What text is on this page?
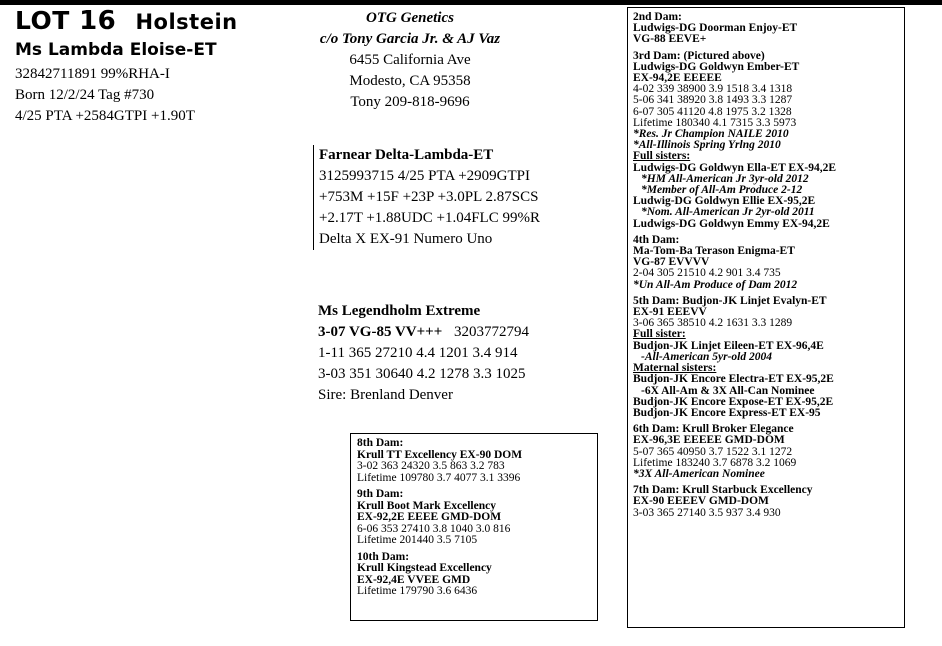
LOT 16 Holstein
Ms Lambda Eloise-ET
32842711891 99%RHA-I
Born 12/2/24 Tag #730
4/25 PTA +2584GTPI +1.90T
OTG Genetics
c/o Tony Garcia Jr. & AJ Vaz
6455 California Ave
Modesto, CA 95358
Tony 209-818-9696
Farnear Delta-Lambda-ET
3125993715 4/25 PTA +2909GTPI
+753M +15F +23P +3.0PL 2.87SCS
+2.17T +1.88UDC +1.04FLC 99%R
Delta X EX-91 Numero Uno
Ms Legendholm Extreme
3-07 VG-85 VV+++ 3203772794
1-11 365 27210 4.4 1201 3.4 914
3-03 351 30640 4.2 1278 3.3 1025
Sire: Brenland Denver
8th Dam:
Krull TT Excellency EX-90 DOM
3-02 363 24320 3.5 863 3.2 783
Lifetime 109780 3.7 4077 3.1 3396
9th Dam:
Krull Boot Mark Excellency
EX-92,2E EEEE GMD-DOM
6-06 353 27410 3.8 1040 3.0 816
Lifetime 201440 3.5 7105
10th Dam:
Krull Kingstead Excellency
EX-92,4E VVEE GMD
Lifetime 179790 3.6 6436
2nd Dam:
Ludwigs-DG Doorman Enjoy-ET
VG-88 EEVE+
3rd Dam: (Pictured above)
Ludwigs-DG Goldwyn Ember-ET
EX-94,2E EEEEE
4-02 339 38900 3.9 1518 3.4 1318
5-06 341 38920 3.8 1493 3.3 1287
6-07 305 41120 4.8 1975 3.2 1328
Lifetime 180340 4.1 7315 3.3 5973
*Res. Jr Champion NAILE 2010
*All-Illinois Spring Yrlng 2010
Full sisters:
Ludwigs-DG Goldwyn Ella-ET EX-94,2E
*HM All-American Jr 3yr-old 2012
*Member of All-Am Produce 2-12
Ludwig-DG Goldwyn Ellie EX-95,2E
*Nom. All-American Jr 2yr-old 2011
Ludwigs-DG Goldwyn Emmy EX-94,2E
4th Dam:
Ma-Tom-Ba Terason Enigma-ET
VG-87 EVVVV
2-04 305 21510 4.2 901 3.4 735
*Un All-Am Produce of Dam 2012
5th Dam: Budjon-JK Linjet Evalyn-ET
EX-91 EEEVV
3-06 365 38510 4.2 1631 3.3 1289
Full sister:
Budjon-JK Linjet Eileen-ET EX-96,4E
-All-American 5yr-old 2004
Maternal sisters:
Budjon-JK Encore Electra-ET EX-95,2E
-6X All-Am & 3X All-Can Nominee
Budjon-JK Encore Expose-ET EX-95,2E
Budjon-JK Encore Express-ET EX-95
6th Dam: Krull Broker Elegance
EX-96,3E EEEEE GMD-DOM
5-07 365 40950 3.7 1522 3.1 1272
Lifetime 183240 3.7 6878 3.2 1069
*3X All-American Nominee
7th Dam: Krull Starbuck Excellency
EX-90 EEEEV GMD-DOM
3-03 365 27140 3.5 937 3.4 930
